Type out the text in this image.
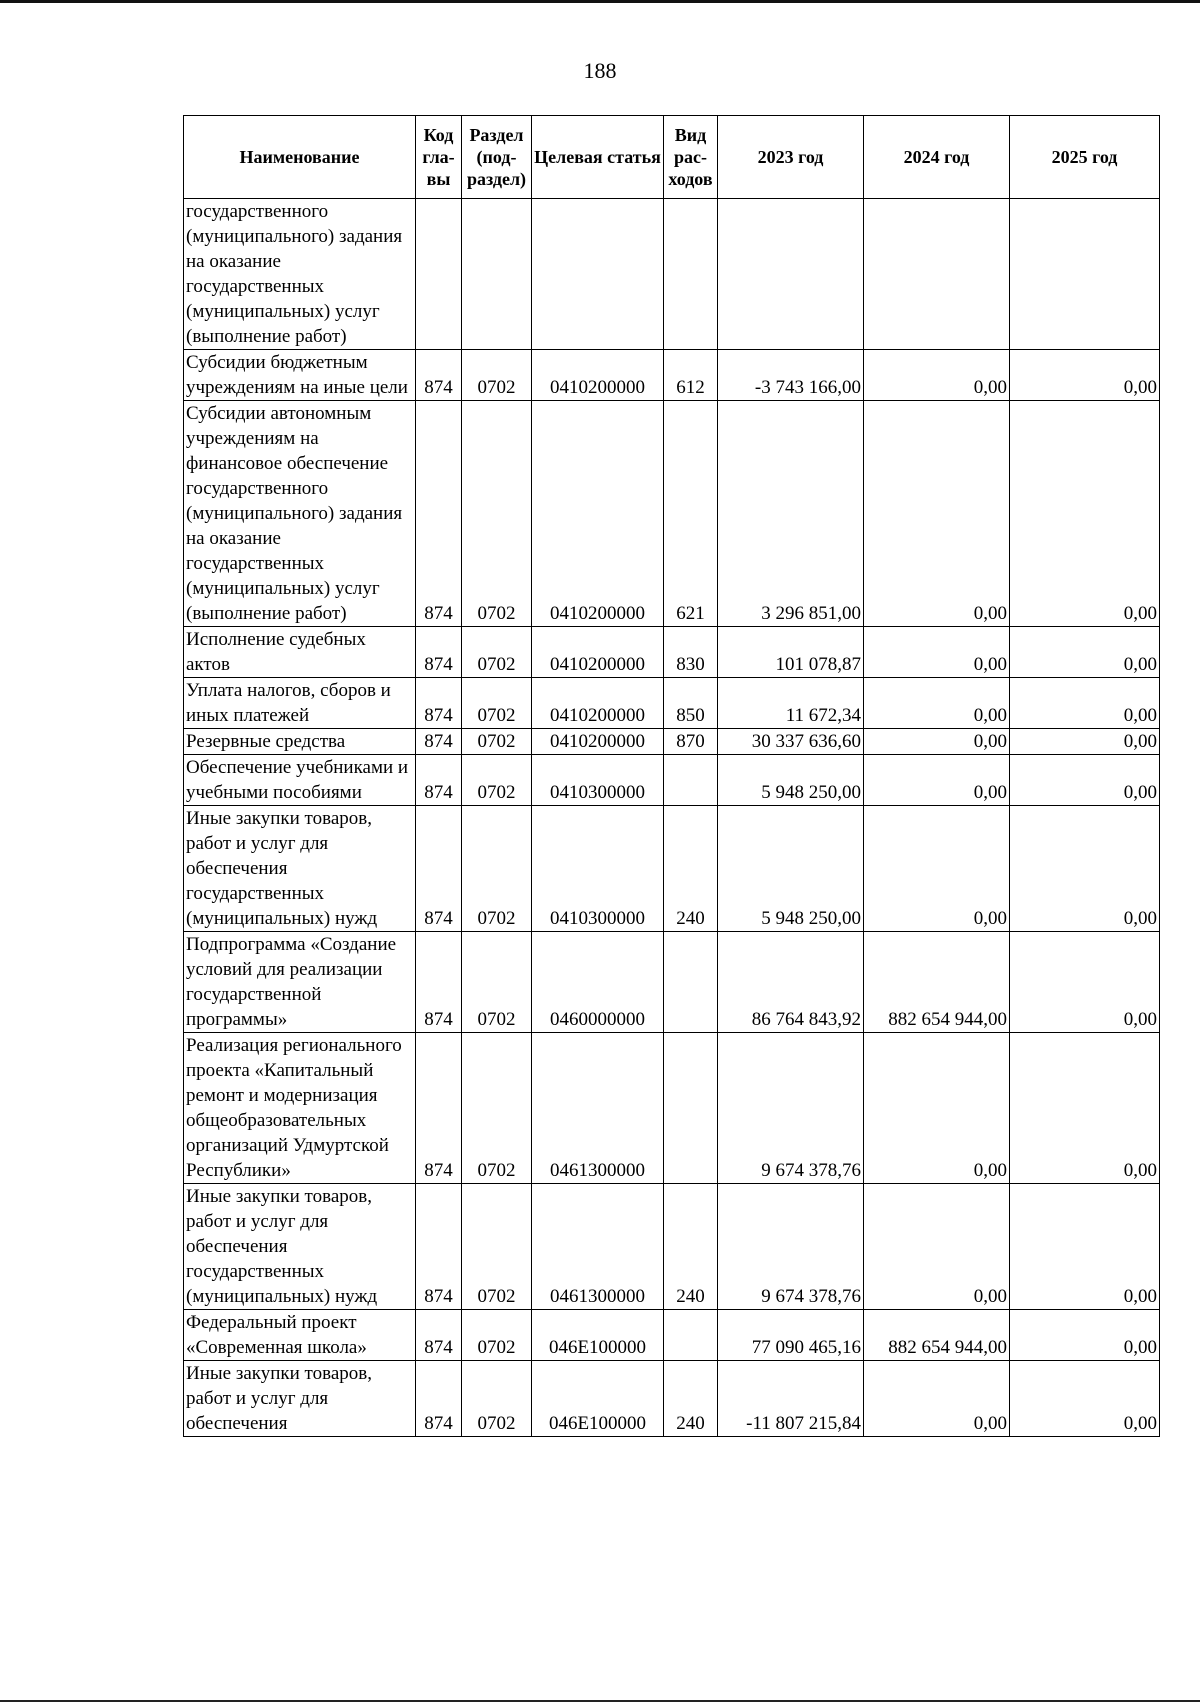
188
Наименование	Код гла-вы	Раздел (под-раздел)	Целевая статья	Вид рас-ходов	2023 год	2024 год	2025 год
государственного (муниципального) задания на оказание государственных (муниципальных) услуг (выполнение работ)							
Субсидии бюджетным учреждениям на иные цели	874	0702	0410200000	612	-3 743 166,00	0,00	0,00
Субсидии автономным учреждениям на финансовое обеспечение государственного (муниципального) задания на оказание государственных (муниципальных) услуг (выполнение работ)	874	0702	0410200000	621	3 296 851,00	0,00	0,00
Исполнение судебных актов	874	0702	0410200000	830	101 078,87	0,00	0,00
Уплата налогов, сборов и иных платежей	874	0702	0410200000	850	11 672,34	0,00	0,00
Резервные средства	874	0702	0410200000	870	30 337 636,60	0,00	0,00
Обеспечение учебниками и учебными пособиями	874	0702	0410300000		5 948 250,00	0,00	0,00
Иные закупки товаров, работ и услуг для обеспечения государственных (муниципальных) нужд	874	0702	0410300000	240	5 948 250,00	0,00	0,00
Подпрограмма «Создание условий для реализации государственной программы»	874	0702	0460000000		86 764 843,92	882 654 944,00	0,00
Реализация регионального проекта «Капитальный ремонт и модернизация общеобразовательных организаций Удмуртской Республики»	874	0702	0461300000		9 674 378,76	0,00	0,00
Иные закупки товаров, работ и услуг для обеспечения государственных (муниципальных) нужд	874	0702	0461300000	240	9 674 378,76	0,00	0,00
Федеральный проект «Современная школа»	874	0702	046Е100000		77 090 465,16	882 654 944,00	0,00
Иные закупки товаров, работ и услуг для обеспечения	874	0702	046Е100000	240	-11 807 215,84	0,00	0,00
